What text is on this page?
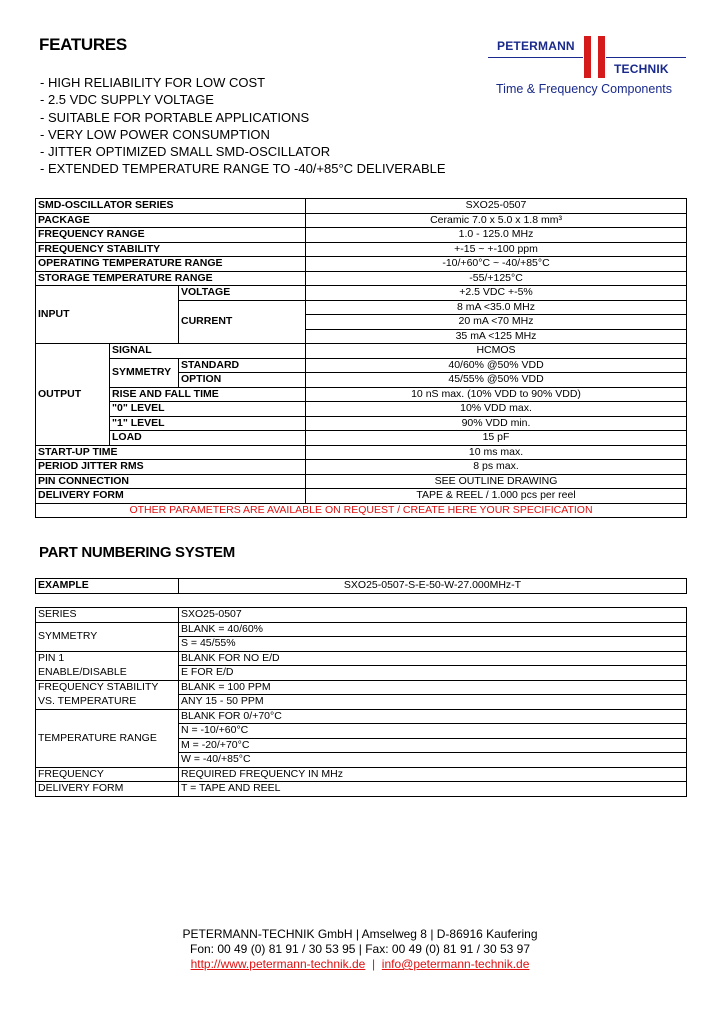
FEATURES
- HIGH RELIABILITY FOR LOW COST
- 2.5 VDC SUPPLY VOLTAGE
- SUITABLE FOR PORTABLE APPLICATIONS
- VERY LOW POWER CONSUMPTION
- JITTER OPTIMIZED SMALL SMD-OSCILLATOR
- EXTENDED TEMPERATURE RANGE TO -40/+85°C DELIVERABLE
PETERMANN
TECHNIK
Time & Frequency Components
SMD-OSCILLATOR SERIES			SXO25-0507
PACKAGE			Ceramic 7.0 x 5.0 x 1.8 mm³
FREQUENCY RANGE			1.0 - 125.0 MHz
FREQUENCY STABILITY			+-15 ~ +-100 ppm
OPERATING TEMPERATURE RANGE			-10/+60°C ~ -40/+85°C
STORAGE TEMPERATURE RANGE			-55/+125°C
INPUT		VOLTAGE	+2.5 VDC +-5%
		CURRENT	8 mA <35.0 MHz
			20 mA <70 MHz
			35 mA <125 MHz
OUTPUT	SIGNAL		HCMOS
	SYMMETRY	STANDARD	40/60% @50% VDD
		OPTION	45/55% @50% VDD
	RISE AND FALL TIME		10 nS max. (10% VDD to 90% VDD)
	"0" LEVEL		10% VDD max.
	"1" LEVEL		90% VDD min.
	LOAD		15 pF
START-UP TIME			10 ms max.
PERIOD JITTER RMS			8 ps max.
PIN CONNECTION			SEE OUTLINE DRAWING
DELIVERY FORM			TAPE & REEL / 1.000 pcs per reel
OTHER PARAMETERS ARE AVAILABLE ON REQUEST / CREATE HERE YOUR SPECIFICATION			
PART NUMBERING SYSTEM
EXAMPLE	SXO25-0507-S-E-50-W-27.000MHz-T
SERIES	SXO25-0507
SYMMETRY	BLANK = 40/60%
	S = 45/55%
PIN 1	BLANK FOR NO E/D
ENABLE/DISABLE	E FOR E/D
FREQUENCY STABILITY	BLANK = 100 PPM
VS. TEMPERATURE	ANY 15 - 50 PPM
TEMPERATURE RANGE	BLANK FOR 0/+70°C
	N = -10/+60°C
	M = -20/+70°C
	W = -40/+85°C
FREQUENCY	REQUIRED FREQUENCY IN MHz
DELIVERY FORM	T = TAPE AND REEL
PETERMANN-TECHNIK GmbH | Amselweg 8 | D-86916 Kaufering
Fon: 00 49 (0) 81 91 / 30 53 95 | Fax: 00 49 (0) 81 91 / 30 53 97
http://www.petermann-technik.de  |  info@petermann-technik.de
